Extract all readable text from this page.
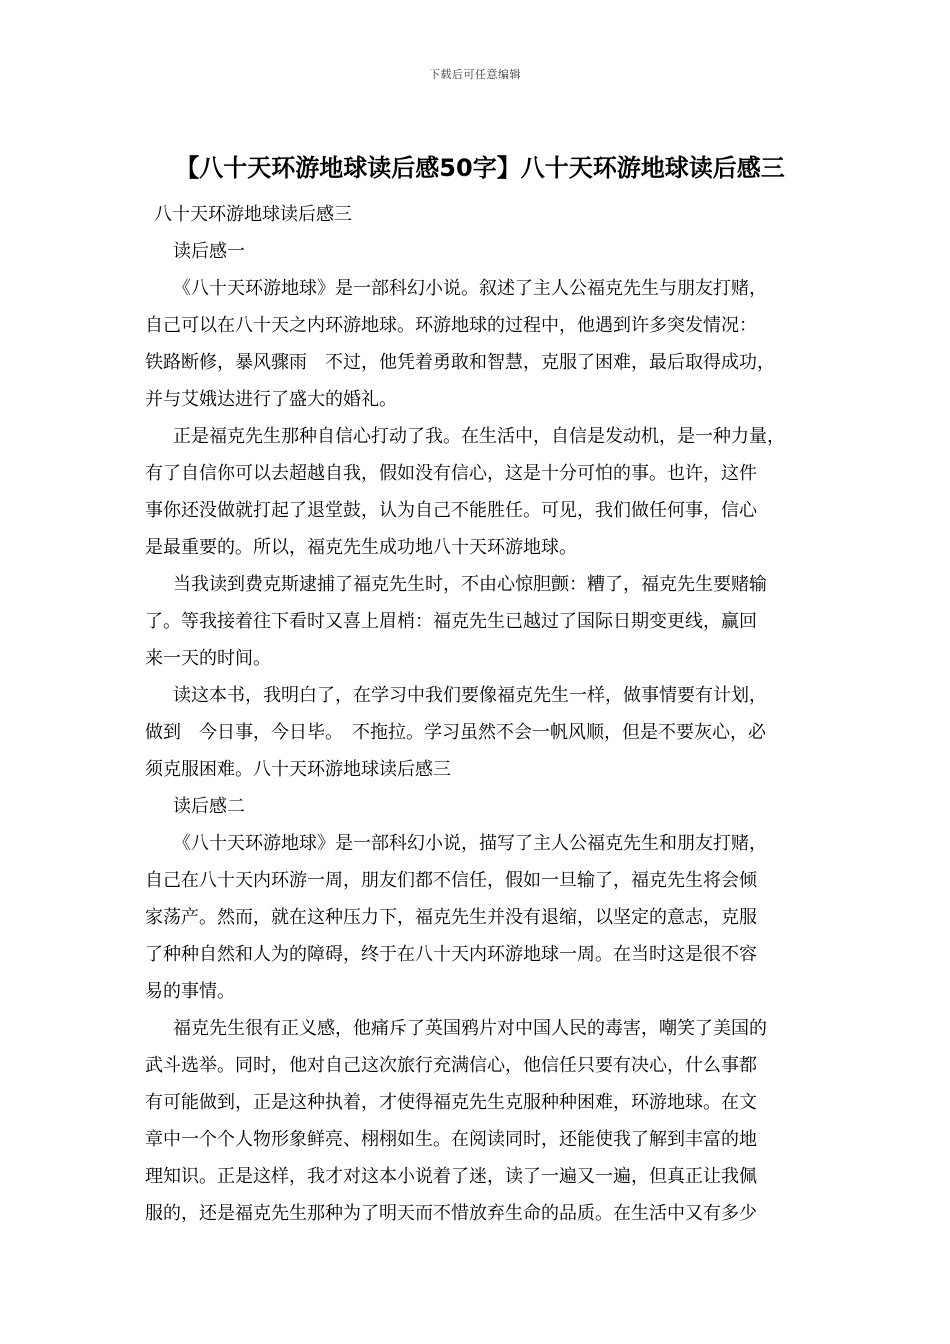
下载后可任意编辑
【八十天环游地球读后感50字】八十天环游地球读后感三
八十天环游地球读后感三
读后感一
《八十天环游地球》是一部科幻小说。叙述了主人公福克先生与朋友打赌，
自己可以在八十天之内环游地球。环游地球的过程中，他遇到许多突发情况：
铁路断修，暴风骤雨　不过，他凭着勇敢和智慧，克服了困难，最后取得成功，
并与艾娥达进行了盛大的婚礼。
正是福克先生那种自信心打动了我。在生活中，自信是发动机，是一种力量，
有了自信你可以去超越自我，假如没有信心，这是十分可怕的事。也许，这件
事你还没做就打起了退堂鼓，认为自己不能胜任。可见，我们做任何事，信心
是最重要的。所以，福克先生成功地八十天环游地球。
当我读到费克斯逮捕了福克先生时，不由心惊胆颤：糟了，福克先生要赌输
了。等我接着往下看时又喜上眉梢：福克先生已越过了国际日期变更线，赢回
来一天的时间。
读这本书，我明白了，在学习中我们要像福克先生一样，做事情要有计划，
做到　今日事，今日毕。　不拖拉。学习虽然不会一帆风顺，但是不要灰心，必
须克服困难。八十天环游地球读后感三
读后感二
《八十天环游地球》是一部科幻小说，描写了主人公福克先生和朋友打赌，
自己在八十天内环游一周，朋友们都不信任，假如一旦输了，福克先生将会倾
家荡产。然而，就在这种压力下，福克先生并没有退缩，以坚定的意志，克服
了种种自然和人为的障碍，终于在八十天内环游地球一周。在当时这是很不容
易的事情。
福克先生很有正义感，他痛斥了英国鸦片对中国人民的毒害，嘲笑了美国的
武斗选举。同时，他对自己这次旅行充满信心，他信任只要有决心，什么事都
有可能做到，正是这种执着，才使得福克先生克服种种困难，环游地球。在文
章中一个个人物形象鲜亮、栩栩如生。在阅读同时，还能使我了解到丰富的地
理知识。正是这样，我才对这本小说着了迷，读了一遍又一遍，但真正让我佩
服的，还是福克先生那种为了明天而不惜放弃生命的品质。在生活中又有多少
